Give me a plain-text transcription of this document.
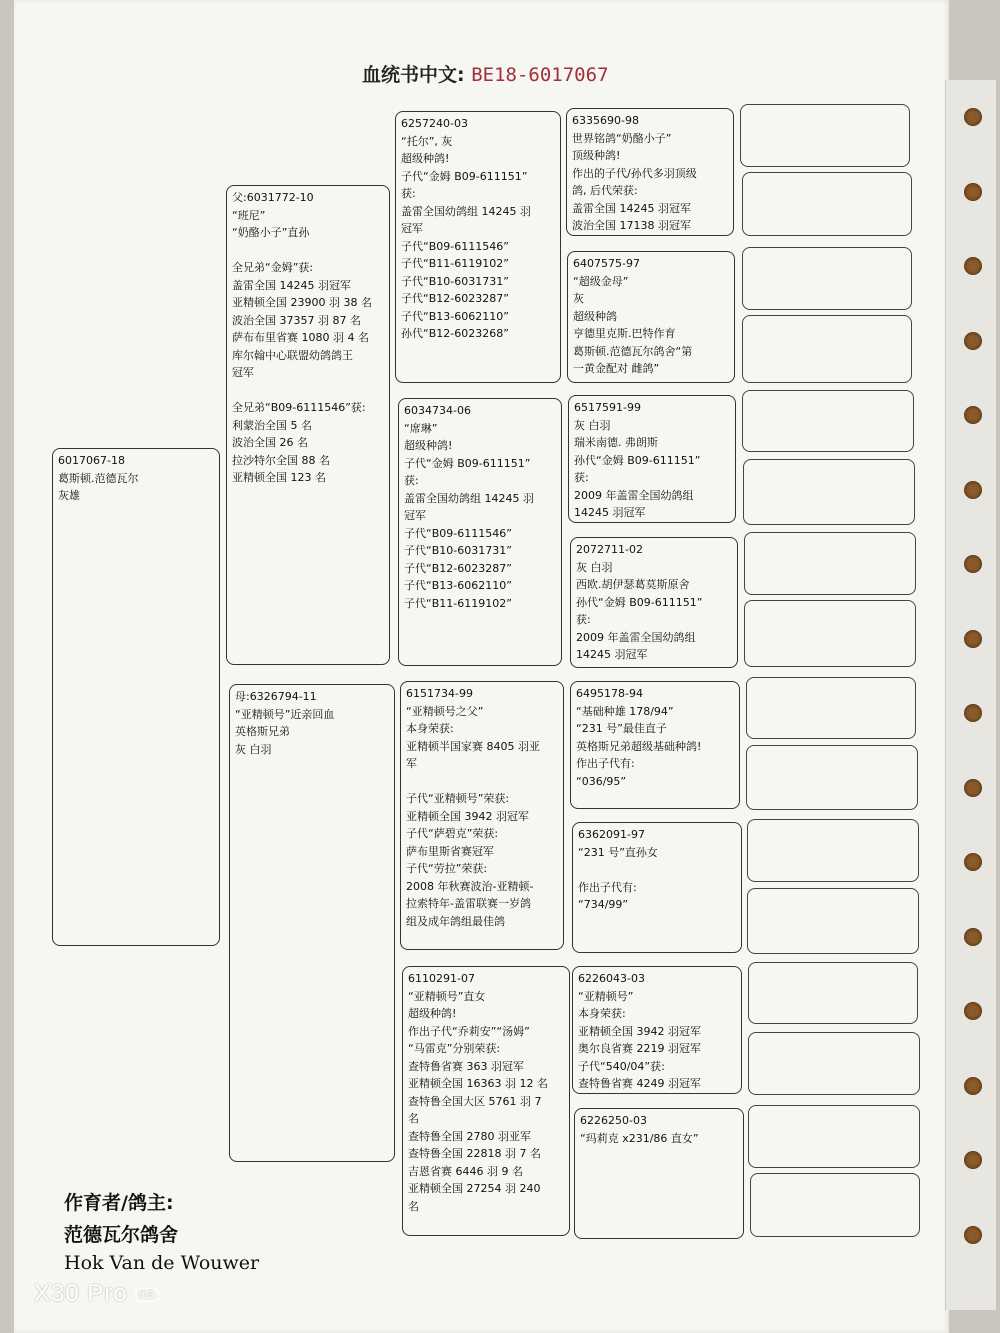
血统书中文: BE18-6017067
6017067-18
葛斯顿.范德瓦尔
灰雄
父:6031772-10
“班尼”
“奶酪小子”直孙
全兄弟“金姆”获:
盖雷全国 14245 羽冠军
亚精顿全国 23900 羽 38 名
波治全国 37357 羽 87 名
萨布布里省赛 1080 羽 4 名
库尔翰中心联盟幼鸽鸽王
冠军
全兄弟“B09-6111546”获:
利蒙治全国 5 名
波治全国 26 名
拉沙特尔全国 88 名
亚精顿全国 123 名
母:6326794-11
“亚精顿号”近亲回血
英格斯兄弟
灰 白羽
6257240-03
“托尔”, 灰
超级种鸽!
子代“金姆 B09-611151”
获:
盖雷全国幼鸽组 14245 羽
冠军
子代“B09-6111546”
子代“B11-6119102”
子代“B10-6031731”
子代“B12-6023287”
子代“B13-6062110”
孙代“B12-6023268”
6034734-06
“席琳”
超级种鸽!
子代“金姆 B09-611151”
获:
盖雷全国幼鸽组 14245 羽
冠军
子代“B09-6111546”
子代“B10-6031731”
子代“B12-6023287”
子代“B13-6062110”
子代“B11-6119102”
6151734-99
“亚精顿号之父”
本身荣获:
亚精顿半国家赛 8405 羽亚
军
子代“亚精顿号”荣获:
亚精顿全国 3942 羽冠军
子代“萨碧克”荣获:
萨布里斯省赛冠军
子代“劳拉”荣获:
2008 年秋赛波治-亚精顿-
拉索特年-盖雷联赛一岁鸽
组及成年鸽组最佳鸽
6110291-07
“亚精顿号”直女
超级种鸽!
作出子代“乔莉安”“汤姆”
“马雷克”分别荣获:
查特鲁省赛 363 羽冠军
亚精顿全国 16363 羽 12 名
查特鲁全国大区 5761 羽 7
名
查特鲁全国 2780 羽亚军
查特鲁全国 22818 羽 7 名
吉恩省赛 6446 羽 9 名
亚精顿全国 27254 羽 240
名
6335690-98
世界铭鸽“奶酪小子”
顶级种鸽!
作出的子代/孙代多羽顶级
鸽, 后代荣获:
盖雷全国 14245 羽冠军
波治全国 17138 羽冠军
6407575-97
“超级金母”
灰
超级种鸽
亨德里克斯.巴特作育
葛斯顿.范德瓦尔鸽舍“第
一黄金配对 雌鸽”
6517591-99
灰 白羽
瑞米南德. 弗朗斯
孙代“金姆 B09-611151”
获:
2009 年盖雷全国幼鸽组
14245 羽冠军
2072711-02
灰 白羽
西欧.胡伊瑟葛莫斯原舍
孙代“金姆 B09-611151”
获:
2009 年盖雷全国幼鸽组
14245 羽冠军
6495178-94
“基础种雄 178/94”
“231 号”最佳直子
英格斯兄弟超级基础种鸽!
作出子代有:
“036/95”
6362091-97
“231 号”直孙女
作出子代有:
“734/99”
6226043-03
“亚精顿号”
本身荣获:
亚精顿全国 3942 羽冠军
奥尔良省赛 2219 羽冠军
子代“540/04”获:
查特鲁省赛 4249 羽冠军
6226250-03
“玛莉克 x231/86 直女”
作育者/鸽主:
范德瓦尔鸽舍
Hok Van de Wouwer
X30 Pro 5G
